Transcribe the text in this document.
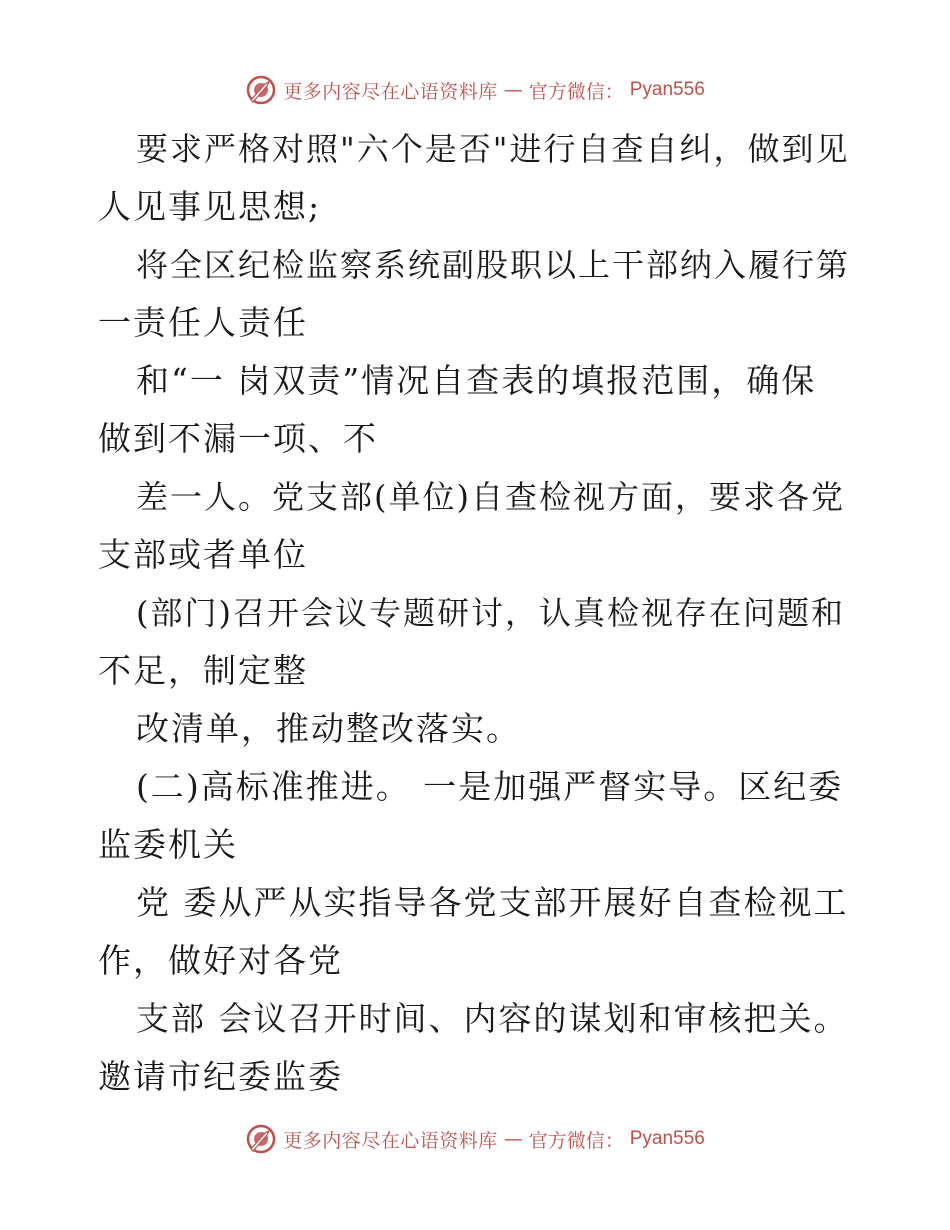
更多内容尽在心语资料库 — 官方微信： Pyan556
要求严格对照"六个是否"进行自查自纠，做到见
人见事见思想;
将全区纪检监察系统副股职以上干部纳入履行第
一责任人责任
和“一 岗双责”情况自查表的填报范围，确保
做到不漏一项、不
差一人。党支部(单位)自查检视方面，要求各党
支部或者单位
(部门)召开会议专题研讨，认真检视存在问题和
不足，制定整
改清单，推动整改落实。
(二)高标准推进。 一是加强严督实导。区纪委
监委机关
党 委从严从实指导各党支部开展好自查检视工
作，做好对各党
支部 会议召开时间、内容的谋划和审核把关。
邀请市纪委监委
更多内容尽在心语资料库 — 官方微信： Pyan556
